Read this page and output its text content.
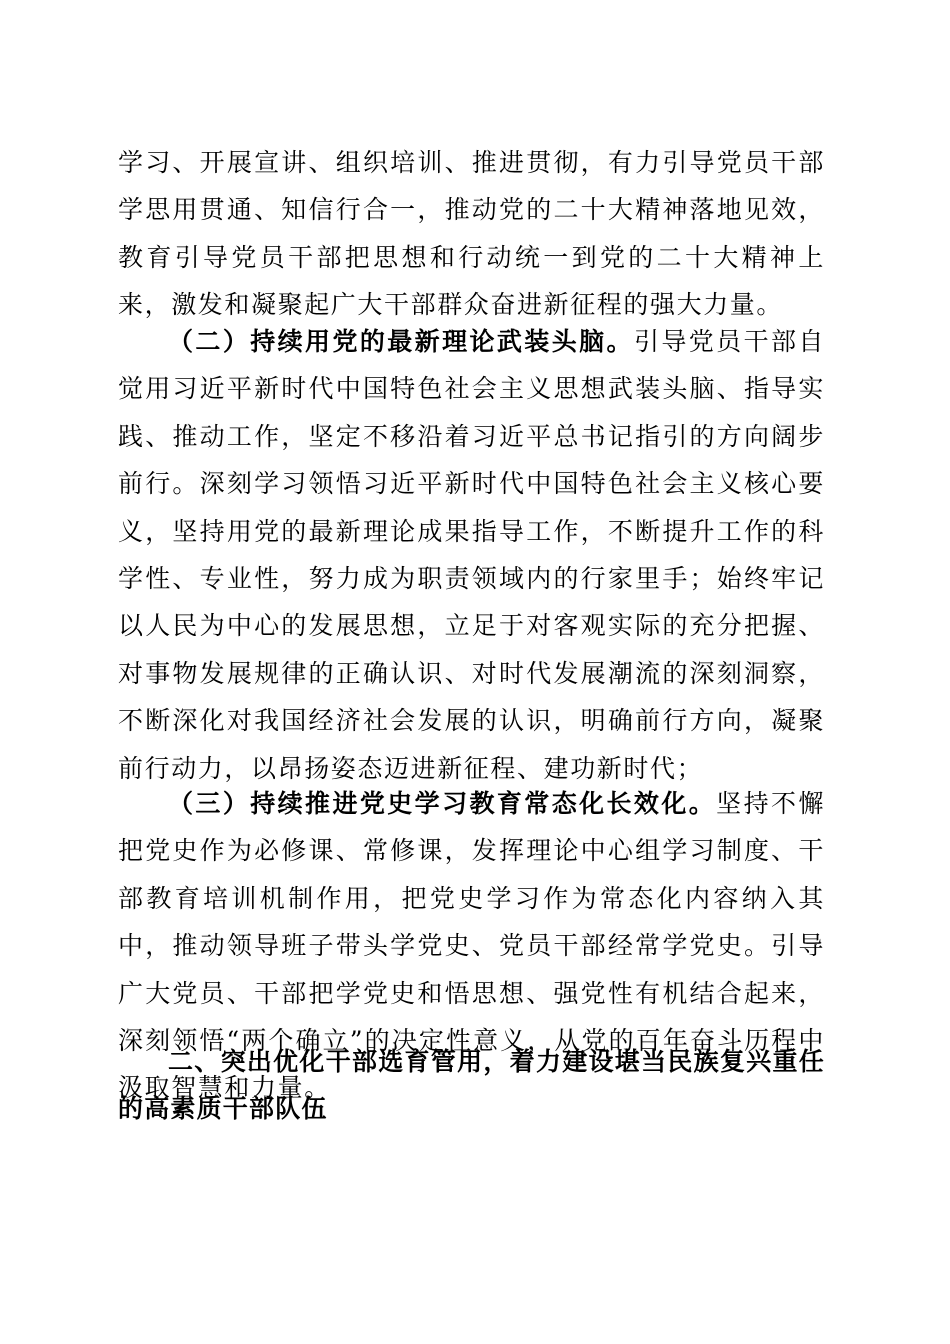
学习、开展宣讲、组织培训、推进贯彻，有力引导党员干部学思用贯通、知信行合一，推动党的二十大精神落地见效，教育引导党员干部把思想和行动统一到党的二十大精神上来，激发和凝聚起广大干部群众奋进新征程的强大力量。

（二）持续用党的最新理论武装头脑。引导党员干部自觉用习近平新时代中国特色社会主义思想武装头脑、指导实践、推动工作，坚定不移沿着习近平总书记指引的方向阔步前行。深刻学习领悟习近平新时代中国特色社会主义核心要义，坚持用党的最新理论成果指导工作，不断提升工作的科学性、专业性，努力成为职责领域内的行家里手；始终牢记以人民为中心的发展思想，立足于对客观实际的充分把握、对事物发展规律的正确认识、对时代发展潮流的深刻洞察，不断深化对我国经济社会发展的认识，明确前行方向，凝聚前行动力，以昂扬姿态迈进新征程、建功新时代；

（三）持续推进党史学习教育常态化长效化。坚持不懈把党史作为必修课、常修课，发挥理论中心组学习制度、干部教育培训机制作用，把党史学习作为常态化内容纳入其中，推动领导班子带头学党史、党员干部经常学党史。引导广大党员、干部把学党史和悟思想、强党性有机结合起来，深刻领悟“两个确立”的决定性意义，从党的百年奋斗历程中汲取智慧和力量。

二、突出优化干部选育管用，着力建设堪当民族复兴重任的高素质干部队伍
